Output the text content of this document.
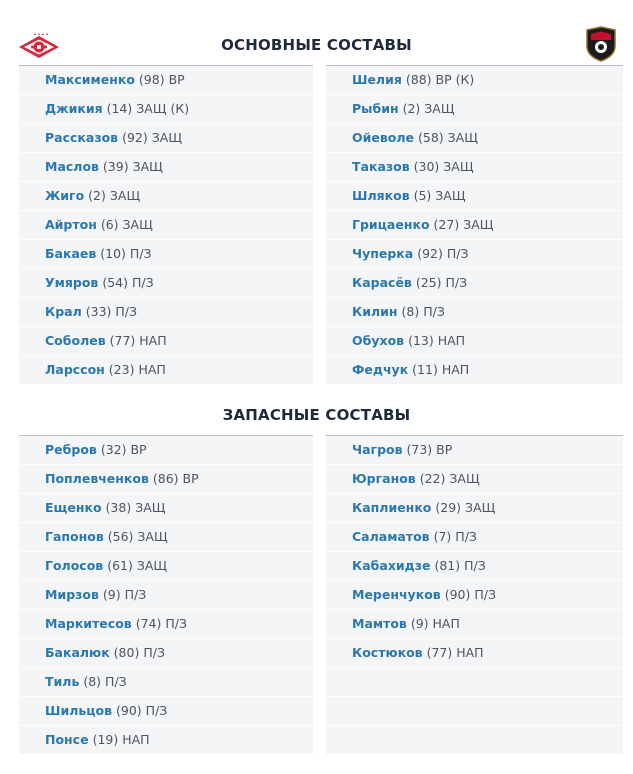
ОСНОВНЫЕ СОСТАВЫ
Максименко (98) ВР
Джикия (14) ЗАЩ (К)
Рассказов (92) ЗАЩ
Маслов (39) ЗАЩ
Жиго (2) ЗАЩ
Айртон (6) ЗАЩ
Бакаев (10) П/З
Умяров (54) П/З
Крал (33) П/З
Соболев (77) НАП
Ларссон (23) НАП
Шелия (88) ВР (К)
Рыбин (2) ЗАЩ
Ойеволе (58) ЗАЩ
Таказов (30) ЗАЩ
Шляков (5) ЗАЩ
Грицаенко (27) ЗАЩ
Чуперка (92) П/З
Карасёв (25) П/З
Килин (8) П/З
Обухов (13) НАП
Федчук (11) НАП
ЗАПАСНЫЕ СОСТАВЫ
Ребров (32) ВР
Поплевченков (86) ВР
Ещенко (38) ЗАЩ
Гапонов (56) ЗАЩ
Голосов (61) ЗАЩ
Мирзов (9) П/З
Маркитесов (74) П/З
Бакалюк (80) П/З
Тиль (8) П/З
Шильцов (90) П/З
Понсе (19) НАП
Чагров (73) ВР
Юрганов (22) ЗАЩ
Каплиенко (29) ЗАЩ
Саламатов (7) П/З
Кабахидзе (81) П/З
Меренчуков (90) П/З
Мамтов (9) НАП
Костюков (77) НАП
